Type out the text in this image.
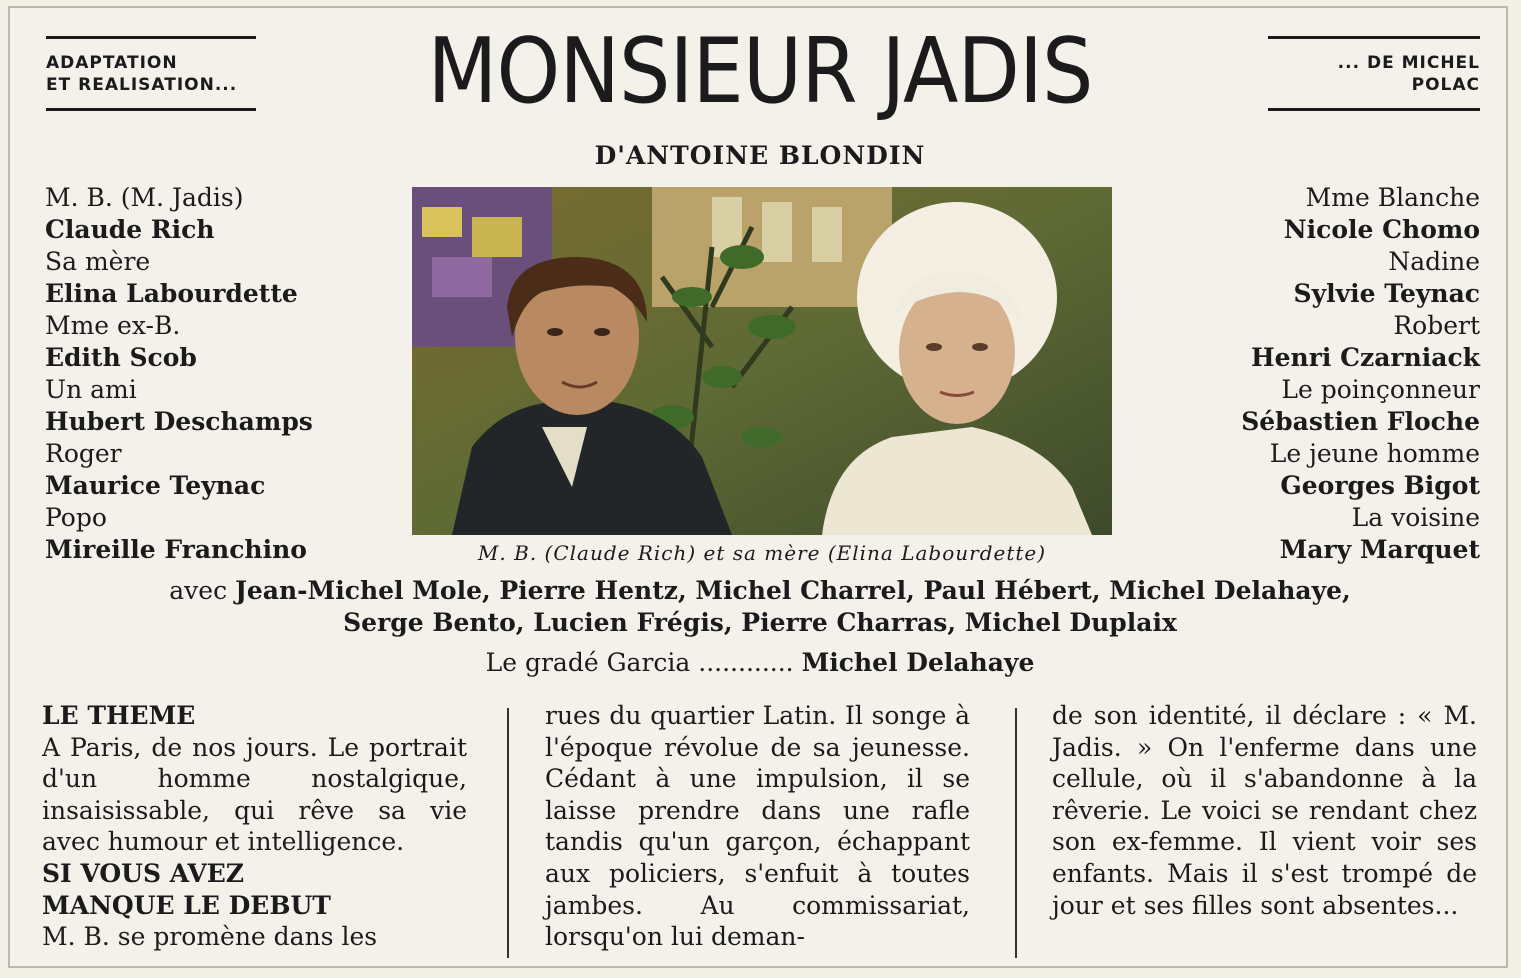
ADAPTATION
ET REALISATION...	MONSIEUR JADIS	... DE MICHEL
POLAC
D'ANTOINE BLONDIN
M. B. (M. Jadis)
Claude Rich
Sa mère
Elina Labourdette
Mme ex-B.
Edith Scob
Un ami
Hubert Deschamps
Roger
Maurice Teynac
Popo
Mireille Franchino
Mme Blanche
Nicole Chomo
Nadine
Sylvie Teynac
Robert
Henri Czarniack
Le poinçonneur
Sébastien Floche
Le jeune homme
Georges Bigot
La voisine
Mary Marquet
M. B. (Claude Rich) et sa mère (Elina Labourdette)
avec Jean-Michel Mole, Pierre Hentz, Michel Charrel, Paul Hébert, Michel Delahaye,
Serge Bento, Lucien Frégis, Pierre Charras, Michel Duplaix
Le gradé Garcia ............ Michel Delahaye

LE THEME

A Paris, de nos jours. Le portrait d'un homme nostalgique, insaisissable, qui rêve sa vie avec humour et intelligence.

SI VOUS AVEZ

MANQUE LE DEBUT

M. B. se promène dans les

rues du quartier Latin. Il songe à l'époque révolue de sa jeunesse. Cédant à une impulsion, il se laisse prendre dans une rafle tandis qu'un garçon, échappant aux policiers, s'enfuit à toutes jambes. Au commissariat, lorsqu'on lui deman-

de son identité, il déclare : « M. Jadis. » On l'enferme dans une cellule, où il s'abandonne à la rêverie. Le voici se rendant chez son ex-femme. Il vient voir ses enfants. Mais il s'est trompé de jour et ses filles sont absentes...
